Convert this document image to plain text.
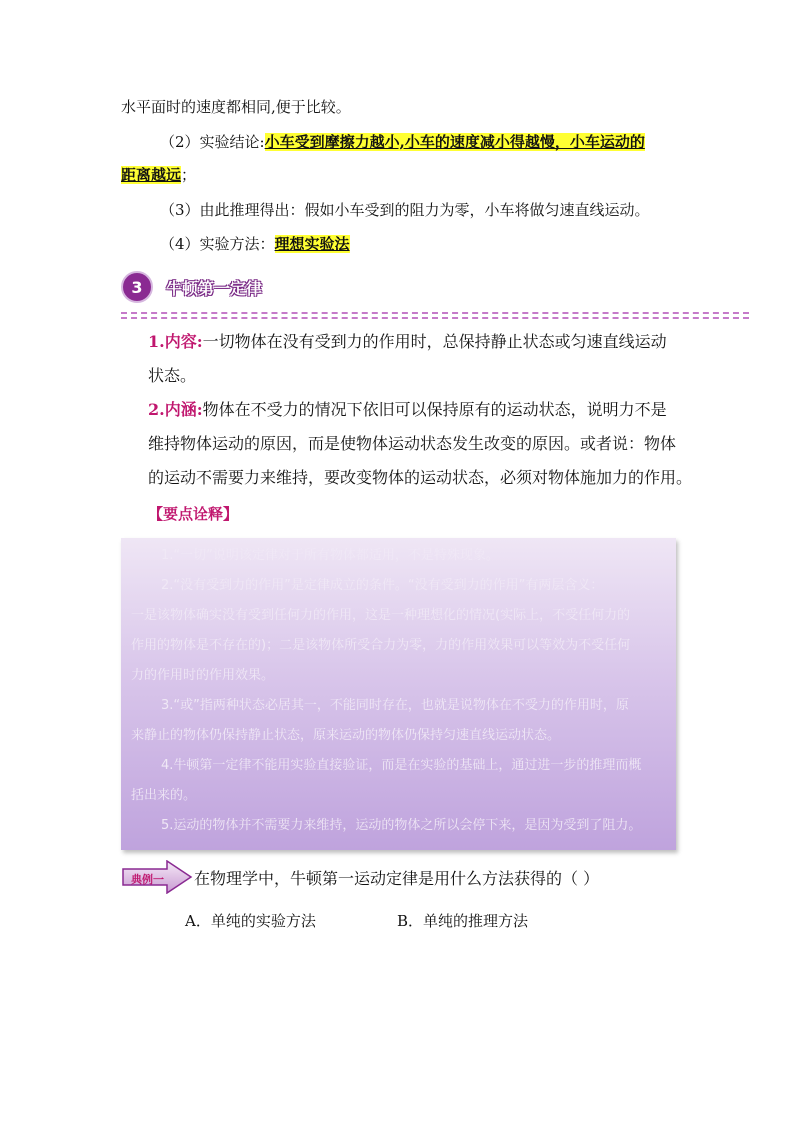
水平面时的速度都相同,便于比较。
（2）实验结论:小车受到摩擦力越小,小车的速度减小得越慢，小车运动的
距离越远；
（3）由此推理得出：假如小车受到的阻力为零，小车将做匀速直线运动。
（4）实验方法：理想实验法
3	牛顿第一定律
1.内容:一切物体在没有受到力的作用时，总保持静止状态或匀速直线运动
状态。
2.内涵:物体在不受力的情况下依旧可以保持原有的运动状态，说明力不是
维持物体运动的原因，而是使物体运动状态发生改变的原因。或者说：物体
的运动不需要力来维持，要改变物体的运动状态，必须对物体施加力的作用。
【要点诠释】
1.“一切”说明该定律对于所有物体都适用，不是特殊现象。
2.“没有受到力的作用”是定律成立的条件。“没有受到力的作用”有两层含义：
一是该物体确实没有受到任何力的作用，这是一种理想化的情况(实际上，不受任何力的
作用的物体是不存在的)；二是该物体所受合力为零，力的作用效果可以等效为不受任何
力的作用时的作用效果。
3.“或”指两种状态必居其一，不能同时存在，也就是说物体在不受力的作用时，原
来静止的物体仍保持静止状态，原来运动的物体仍保持匀速直线运动状态。
4.牛顿第一定律不能用实验直接验证，而是在实验的基础上，通过进一步的推理而概
括出来的。
5.运动的物体并不需要力来维持，运动的物体之所以会停下来，是因为受到了阻力。
典例一 在物理学中，牛顿第一运动定律是用什么方法获得的（ ）
A．单纯的实验方法	B．单纯的推理方法
